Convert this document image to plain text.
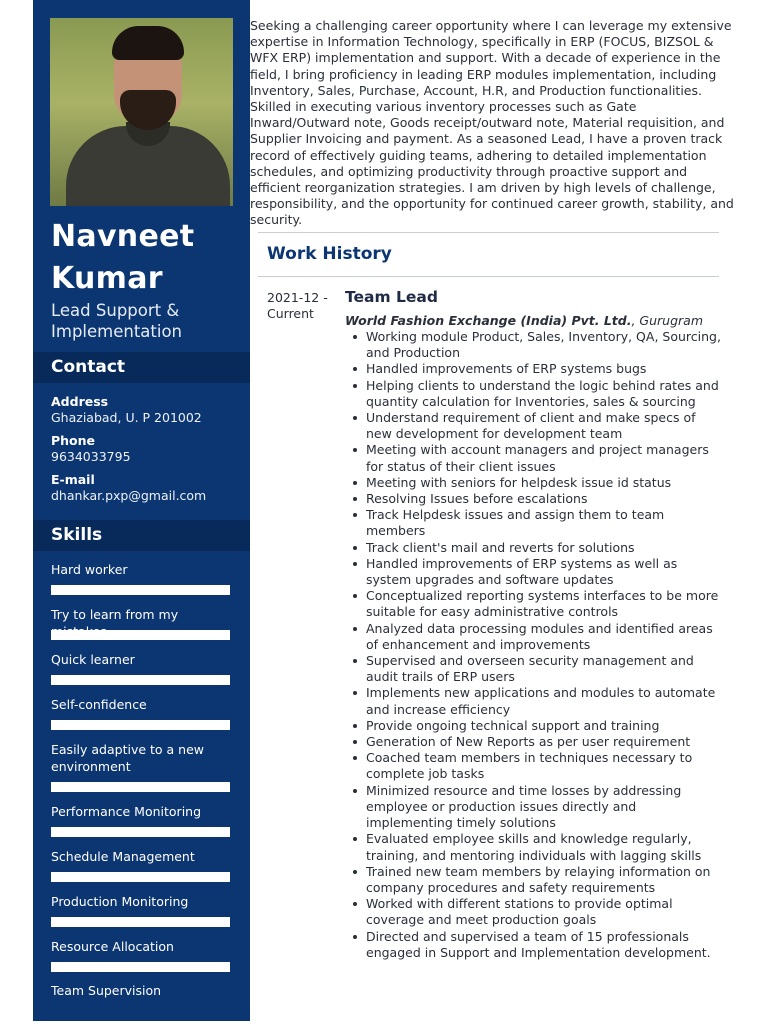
Navneet Kumar
Lead Support & Implementation
Contact
Address
Ghaziabad, U. P 201002
Phone
9634033795
E-mail
dhankar.pxp@gmail.com
Skills
Hard worker
Try to learn from my
Quick learner
Self-confidence
Easily adaptive to a new environment
Performance Monitoring
Schedule Management
Production Monitoring
Resource Allocation
Team Supervision
Seeking a challenging career opportunity where I can leverage my extensive expertise in Information Technology, specifically in ERP (FOCUS, BIZSOL & WFX ERP) implementation and support. With a decade of experience in the field, I bring proficiency in leading ERP modules implementation, including Inventory, Sales, Purchase, Account, H.R, and Production functionalities. Skilled in executing various inventory processes such as Gate Inward/Outward note, Goods receipt/outward note, Material requisition, and Supplier Invoicing and payment. As a seasoned Lead, I have a proven track record of effectively guiding teams, adhering to detailed implementation schedules, and optimizing productivity through proactive support and efficient reorganization strategies. I am driven by high levels of challenge, responsibility, and the opportunity for continued career growth, stability, and security.
Work History
2021-12 - Current
Team Lead
World Fashion Exchange (India) Pvt. Ltd., Gurugram
Working module Product, Sales, Inventory, QA, Sourcing, and Production
Handled improvements of ERP systems bugs
Helping clients to understand the logic behind rates and quantity calculation for Inventories, sales & sourcing
Understand requirement of client and make specs of new development for development team
Meeting with account managers and project managers for status of their client issues
Meeting with seniors for helpdesk issue id status
Resolving Issues before escalations
Track Helpdesk issues and assign them to team members
Track client's mail and reverts for solutions
Handled improvements of ERP systems as well as system upgrades and software updates
Conceptualized reporting systems interfaces to be more suitable for easy administrative controls
Analyzed data processing modules and identified areas of enhancement and improvements
Supervised and overseen security management and audit trails of ERP users
Implements new applications and modules to automate and increase efficiency
Provide ongoing technical support and training
Generation of New Reports as per user requirement
Coached team members in techniques necessary to complete job tasks
Minimized resource and time losses by addressing employee or production issues directly and implementing timely solutions
Evaluated employee skills and knowledge regularly, training, and mentoring individuals with lagging skills
Trained new team members by relaying information on company procedures and safety requirements
Worked with different stations to provide optimal coverage and meet production goals
Directed and supervised a team of 15 professionals engaged in Support and Implementation development.
